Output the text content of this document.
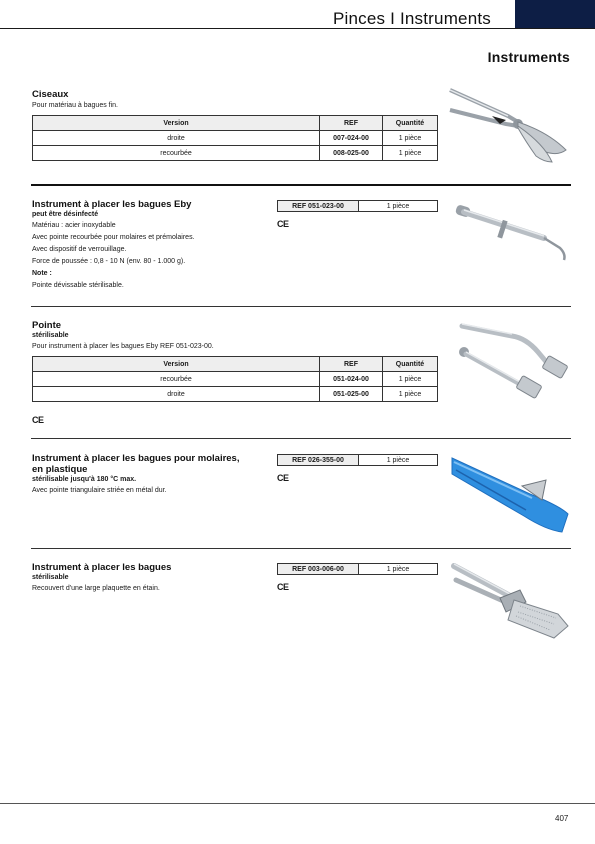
Pinces I Instruments
Instruments
Ciseaux
Pour matériau à bagues fin.
Version	REF	Quantité
droite	007-024-00	1 pièce
recourbée	008-025-00	1 pièce
Instrument à placer les bagues Eby
peut être désinfecté
Matériau : acier inoxydable
Avec pointe recourbée pour molaires et prémolaires.
Avec dispositif de verrouillage.
Force de poussée : 0,8 - 10 N (env. 80 - 1.000 g).
Note :
Pointe dévissable stérilisable.
REF 051-023-00	1 pièce
CE
Pointe
stérilisable
Pour instrument à placer les bagues Eby REF 051-023-00.
Version	REF	Quantité
recourbée	051-024-00	1 pièce
droite	051-025-00	1 pièce
CE
Instrument à placer les bagues pour molaires,
en plastique
stérilisable jusqu'à 180 °C max.
Avec pointe triangulaire striée en métal dur.
REF 026-355-00	1 pièce
CE
Instrument à placer les bagues
stérilisable
Recouvert d'une large plaquette en étain.
REF 003-006-00	1 pièce
CE
407
